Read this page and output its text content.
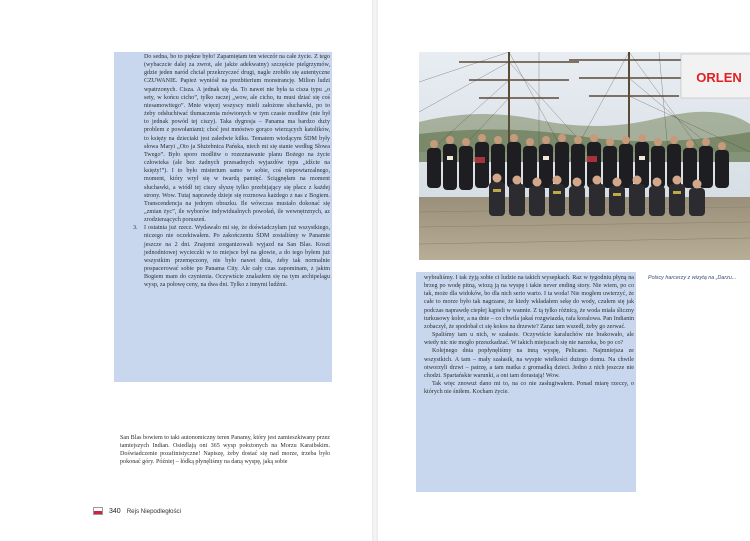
Do sedna, bo to piękne było! Zapamiętam ten wieczór na całe życie. Z tego (wybaczcie dalej za zwrot, ale jakże adekwatny) szczęście pielgrzymów, gdzie jeden naród chciał przekrzyczeć drugi, nagle zrobiło się autentyczne CZUWANIE. Papież wyniósł na prezbiterium monstrancję. Milion ludzi wpatrzonych. Cisza. A jednak się da. To nawet nie była ta cisza typu „o sety, w końcu cicho”, tylko raczej „wow, ale cicho, tu musi dziać się coś niesamowitego”. Mnie więcej wszyscy mieli założone słuchawki, po to żeby odsłuchiwać tłumaczenia mówionych w tym czasie modlitw (nie był to jednak powód tej ciszy). Taka dygresja – Panama ma bardzo duży problem z powołaniami; choć jest mnóstwo gorąco wierzących katolików, to księży na dzieciaki jest zaledwie kilku. Tematem wiodącym ŚDM były słowa Maryi „Oto ja Służebnica Pańska, niech mi się stanie według Słowa Twego”. Było sporo modlitw o rozeznawanie planu Bożego na życie człowieka (ale bez żadnych przesadnych wyjazdów typu „idźcie na księży!”). I to było misterium samo w sobie, coś niepowtarzalnego, moment, który wrył się w twardą pamięć. Ściągnęłam na moment słuchawki, a wiódł tej ciszy słyszę tylko przebijający się płacz z każdej strony. Wow. Tutaj naprawdę dzieje się rozmowa każdego z nas z Bogiem. Transcendencja na jednym obrazku. Ile wówczas musiało dokonać się „zmian życ”, ile wyborów indywidualnych powołań, ile wewnętrznych, az zrodzieraących poruszeń.

3. I ostatnia już rzecz. Wydawało mi się, że doświadczyłam już wszystkiego, niczego nie oczekiwałem. Po zakończeniu ŚDM zostaliśmy w Panamie jeszcze na 2 dni. Znajomi zorganizowali wyjazd na San Blas. Koszt jednodniowej wycieczki w to miejsce był na głowie, a do tego byłem już wszystkim przemęczony, nie było nawet dnia, żeby tak normalnie pospacerować sobie po Panama City. Ale cały czas zapominam, z jakim Bogiem mam do czynienia. Oczywiście znalazłem się na tym archipelagu wysp, za połowę ceny, na dwa dni. Tylko z innymi ludźmi.

San Blas bowiem to taki autonomiczny teren Panamy, który jest zamieszkiwany przez tamtejszych Indian. Osiedlają oni 365 wysp położonych na Morzu Karaibskim. Doświadczenie pozafinistyczne! Napiszę, żeby dostać się nad morze, trzeba było pokonać góry. Później – łódką płynęliśmy na daną wyspę, jaką sobie

340 Rejs Niepodległości
ORLEN
Polscy harcerzy z wizytą na „Darzu...

wybraliśmy. I tak żyją sobie ci ludzie na takich wysepkach. Raz w tygodniu płyną na brzeg po wodę pitną, wiozą ją na wyspę i takie never ending story. Nie wiem, po co tak, może dla widoków, bo dla nich serio warto. I ta woda! Nie mogłem uwierzyć, że całe to morze było tak nagrzane, że kiedy wkładałem sekę do wody, czułem się jak podczas naprawdę ciepłej kąpieli w wannie. Z tą tylko różnicą, że woda miała śliczny turkusowy kolor, a na dnie – co chwila jakaś rozgwiazda, rafa koralowa. Pan Indianin zobaczył, że spodobał ci się kokos na drzewie? Zaraz tam wszedł, żeby go zerwać.

Spaliśmy tam u nich, w szałasie. Oczywiście karaluchów nie brakowało, ale wtedy nic nie mogło przeszkadzać. W takich miejscach się nie narzeka, bo po co?

Kolejnego dnia popłynęliśmy na inną wyspę, Pelicano. Najmniejsza ze wszystkich. A tam – mały szałasik, na wyspie wielkości dużego domu. Na chwile otworzyli drzwi – patrzę, a tam matka z gromadką dzieci. Jedno z nich jeszcze nie chodzi. Spartańskie warunki, a oni tam dorastają! Wow.

Tak więc znowuż dano mi to, na co nie zasługiwałem. Ponad miarę rzeczy, o których nie śniłem. Kocham życie.
